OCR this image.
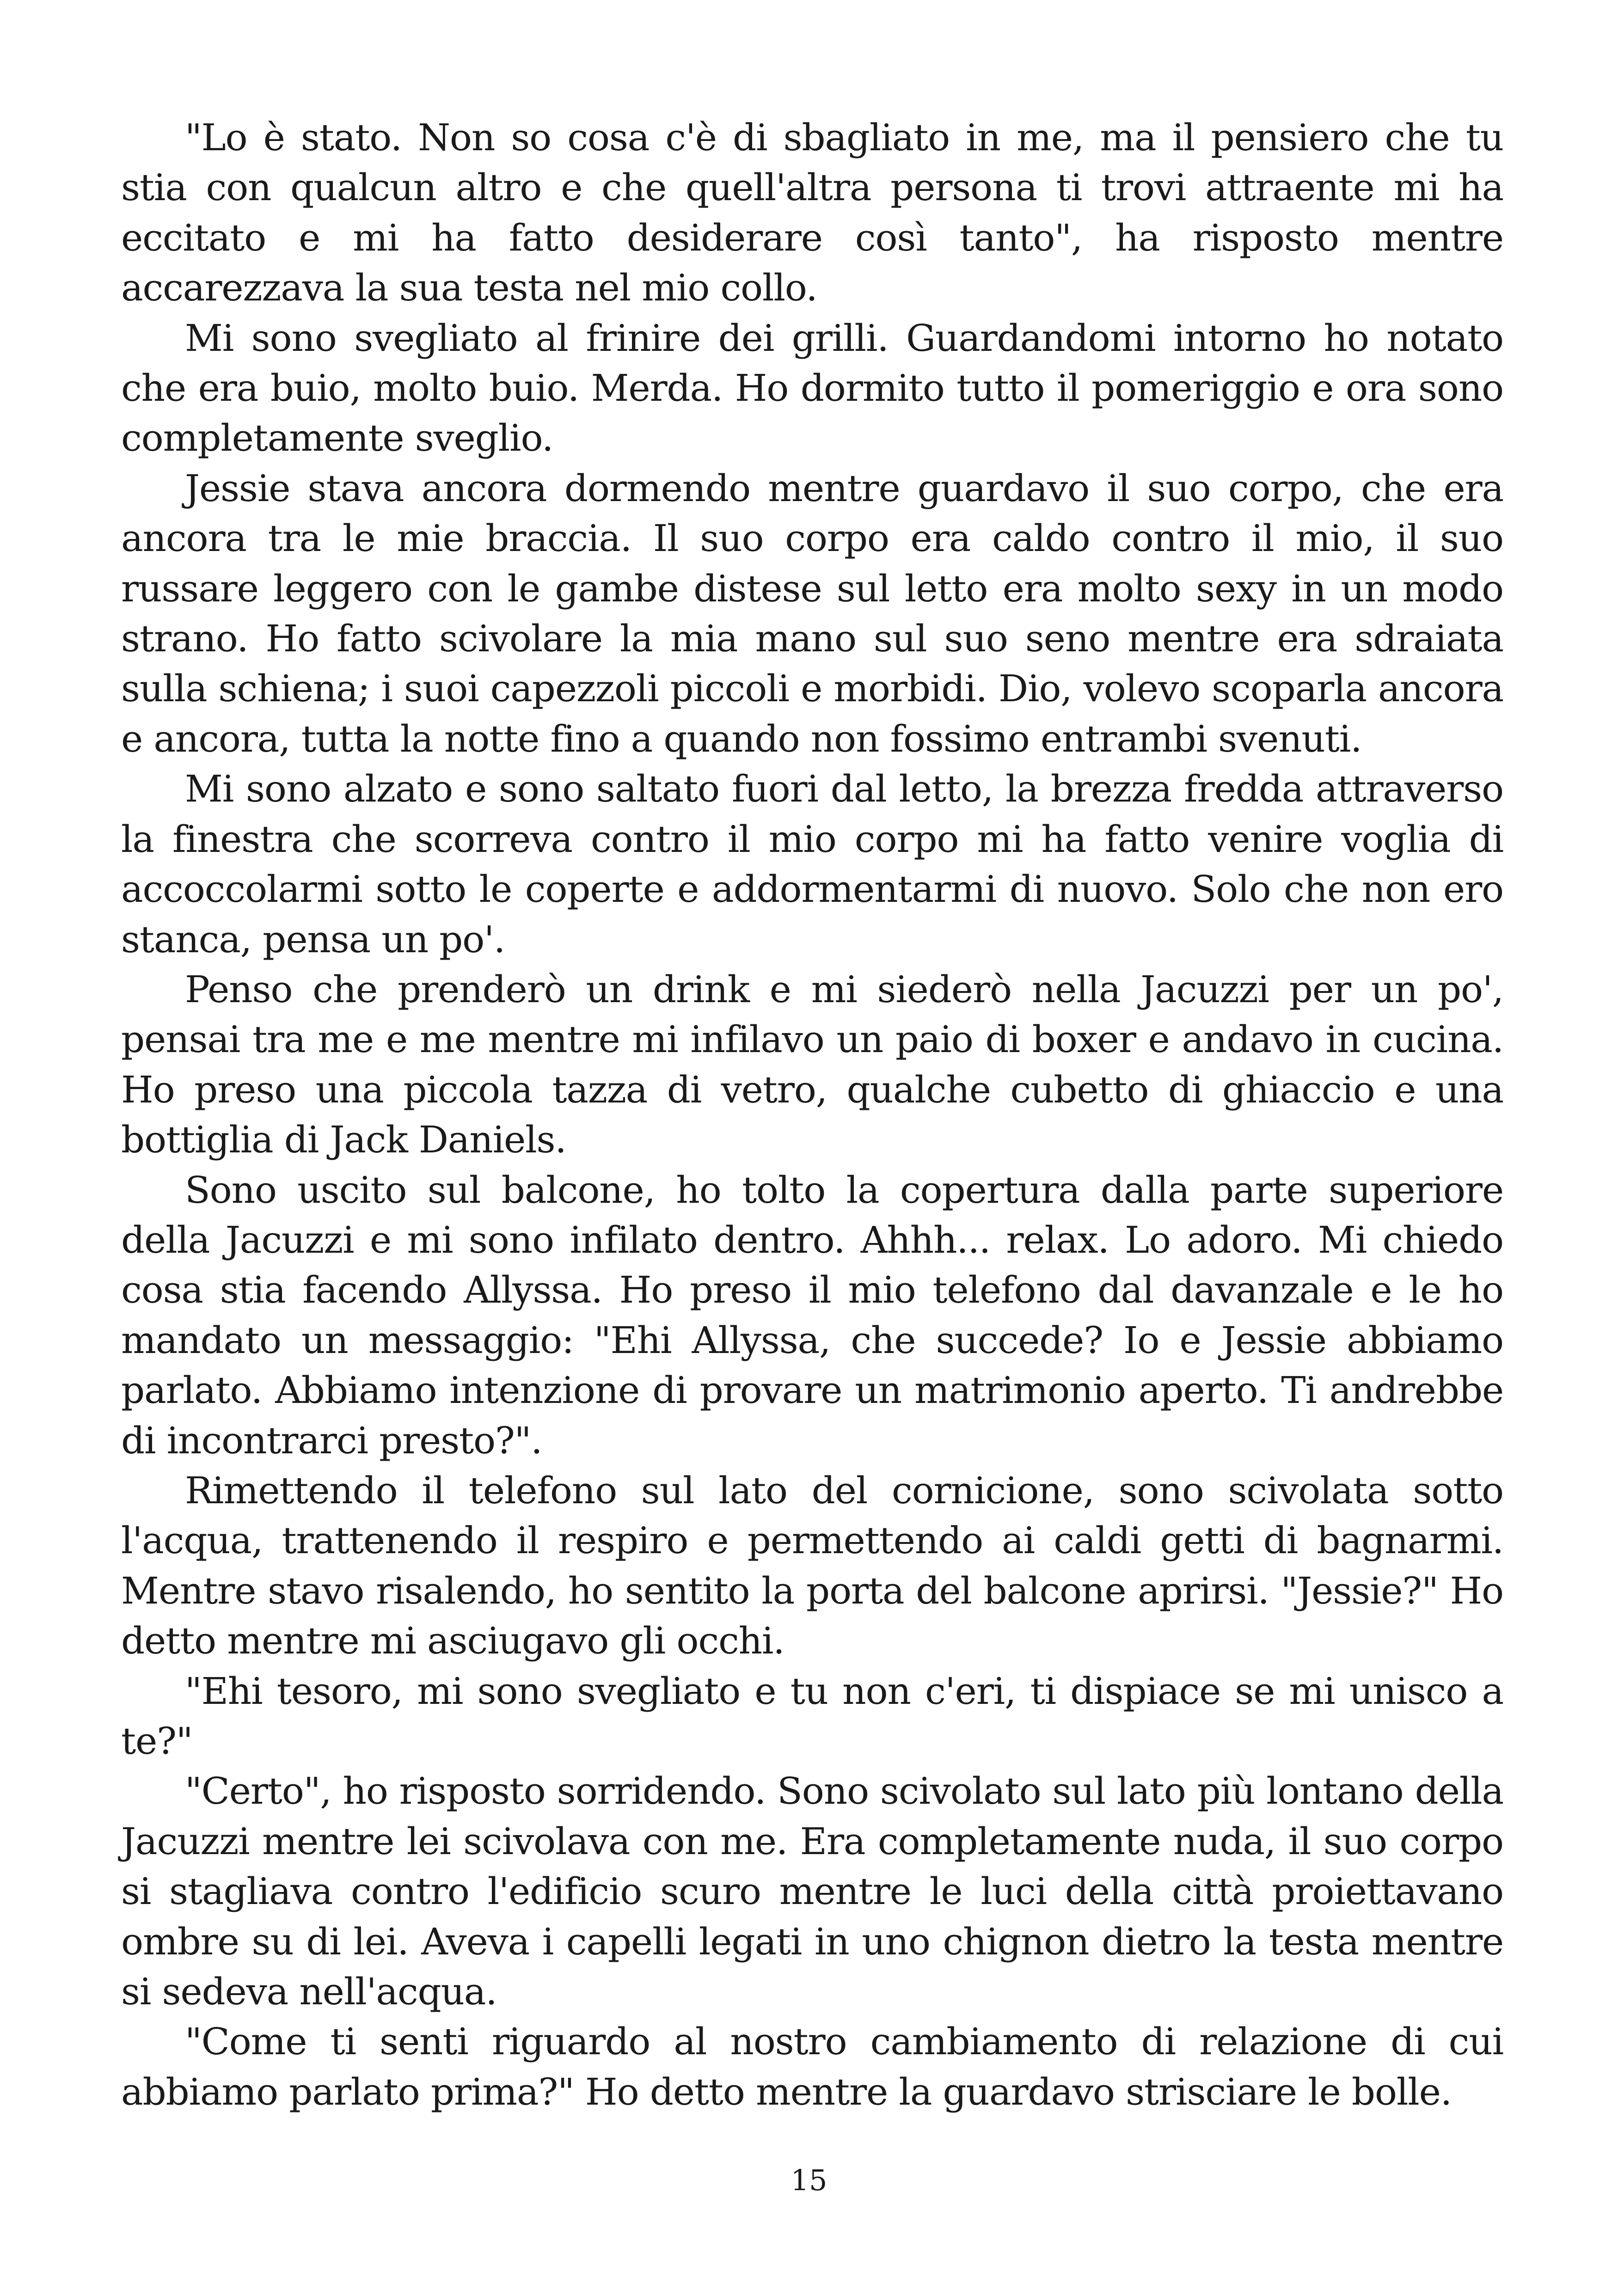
"Lo è stato. Non so cosa c'è di sbagliato in me, ma il pensiero che tu stia con qualcun altro e che quell'altra persona ti trovi attraente mi ha eccitato e mi ha fatto desiderare così tanto", ha risposto mentre accarezzava la sua testa nel mio collo.

Mi sono svegliato al frinire dei grilli. Guardandomi intorno ho notato che era buio, molto buio. Merda. Ho dormito tutto il pomeriggio e ora sono completamente sveglio.

Jessie stava ancora dormendo mentre guardavo il suo corpo, che era ancora tra le mie braccia. Il suo corpo era caldo contro il mio, il suo russare leggero con le gambe distese sul letto era molto sexy in un modo strano. Ho fatto scivolare la mia mano sul suo seno mentre era sdraiata sulla schiena; i suoi capezzoli piccoli e morbidi. Dio, volevo scoparla ancora e ancora, tutta la notte fino a quando non fossimo entrambi svenuti.

Mi sono alzato e sono saltato fuori dal letto, la brezza fredda attraverso la finestra che scorreva contro il mio corpo mi ha fatto venire voglia di accoccolarmi sotto le coperte e addormentarmi di nuovo. Solo che non ero stanca, pensa un po'.

Penso che prenderò un drink e mi siederò nella Jacuzzi per un po', pensai tra me e me mentre mi infilavo un paio di boxer e andavo in cucina. Ho preso una piccola tazza di vetro, qualche cubetto di ghiaccio e una bottiglia di Jack Daniels.

Sono uscito sul balcone, ho tolto la copertura dalla parte superiore della Jacuzzi e mi sono infilato dentro. Ahhh... relax. Lo adoro. Mi chiedo cosa stia facendo Allyssa. Ho preso il mio telefono dal davanzale e le ho mandato un messaggio: "Ehi Allyssa, che succede? Io e Jessie abbiamo parlato. Abbiamo intenzione di provare un matrimonio aperto. Ti andrebbe di incontrarci presto?".

Rimettendo il telefono sul lato del cornicione, sono scivolata sotto l'acqua, trattenendo il respiro e permettendo ai caldi getti di bagnarmi. Mentre stavo risalendo, ho sentito la porta del balcone aprirsi. "Jessie?" Ho detto mentre mi asciugavo gli occhi.

"Ehi tesoro, mi sono svegliato e tu non c'eri, ti dispiace se mi unisco a te?"

"Certo", ho risposto sorridendo. Sono scivolato sul lato più lontano della Jacuzzi mentre lei scivolava con me. Era completamente nuda, il suo corpo si stagliava contro l'edificio scuro mentre le luci della città proiettavano ombre su di lei. Aveva i capelli legati in uno chignon dietro la testa mentre si sedeva nell'acqua.

"Come ti senti riguardo al nostro cambiamento di relazione di cui abbiamo parlato prima?" Ho detto mentre la guardavo strisciare le bolle.

15
